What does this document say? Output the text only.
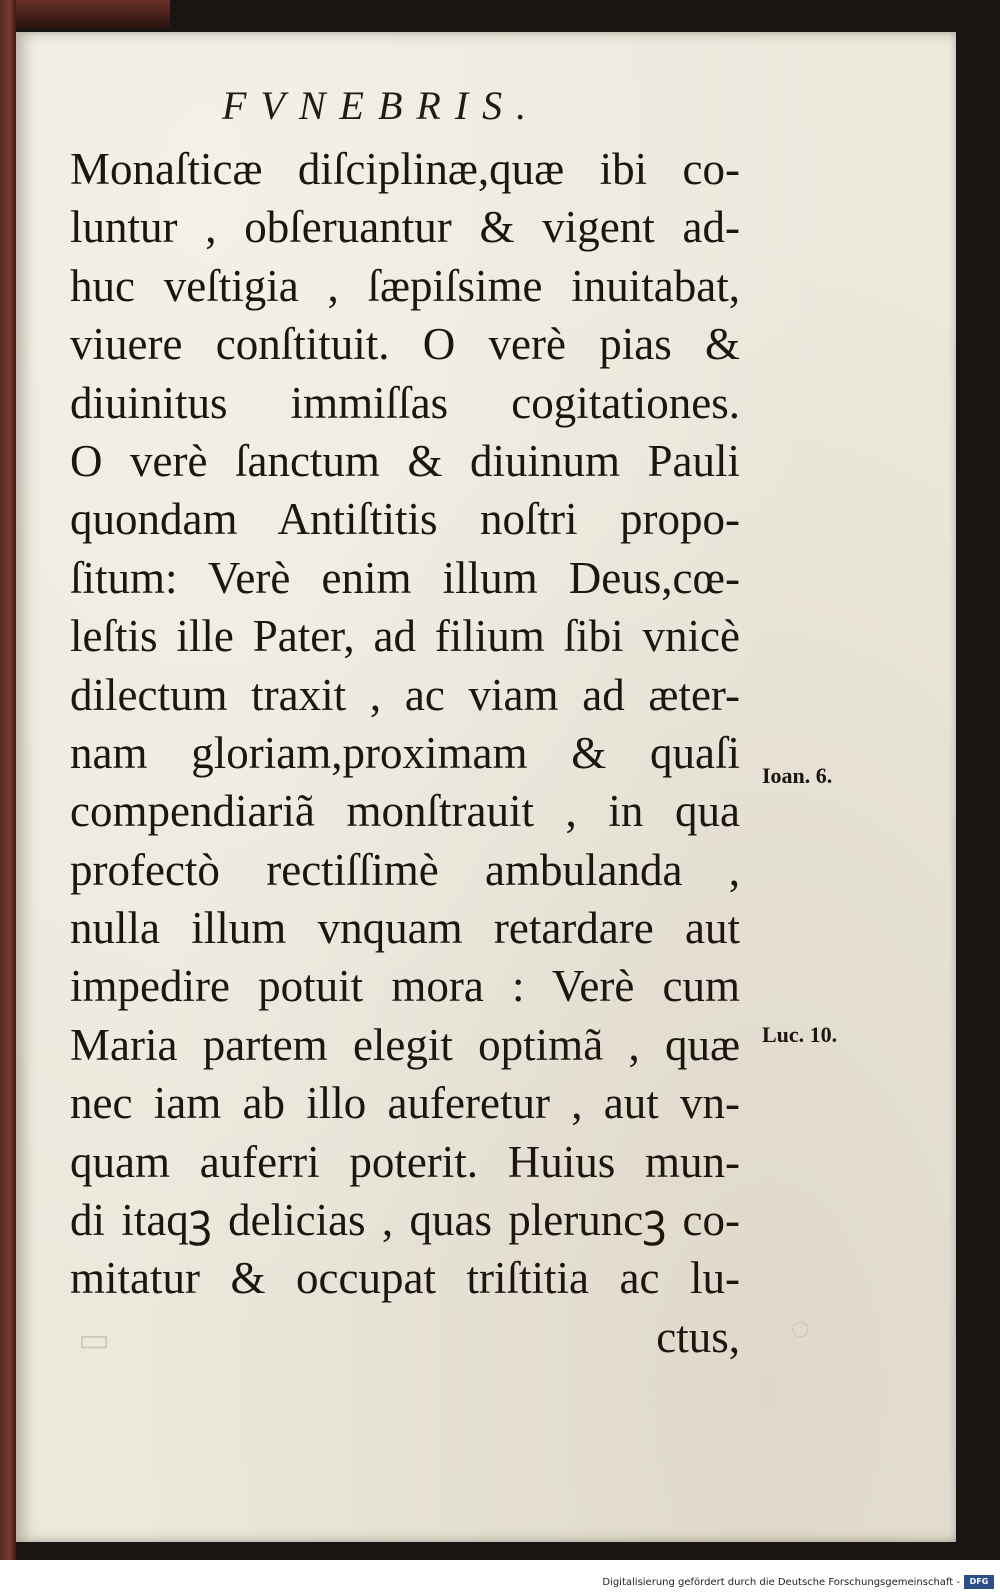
FVNEBRIS.
Monaſticæ diſciplinæ,quæ ibi co-
luntur , obſeruantur & vigent ad-
huc veſtigia , ſæpiſsime inuitabat,
viuere conſtituit. O verè pias &
diuinitus immiſſas cogitationes.
O verè ſanctum & diuinum Pauli
quondam Antiſtitis noſtri propo-
ſitum: Verè enim illum Deus,cœ-
leſtis ille Pater, ad filium ſibi vnicè
dilectum traxit , ac viam ad æter-
nam gloriam,proximam & quaſi
compendiariã monſtrauit , in qua
profectò rectiſſimè ambulanda ,
nulla illum vnquam retardare aut
impedire potuit mora : Verè cum
Maria partem elegit optimã , quæ
nec iam ab illo auferetur , aut vn-
quam auferri poterit. Huius mun-
di itaqꝫ delicias , quas pleruncꝫ co-
mitatur & occupat triſtitia ac lu-
ctus,
Ioan. 6.
Luc. 10.
▭	◌
Digitalisierung gefördert durch die Deutsche Forschungsgemeinschaft -	DFG
